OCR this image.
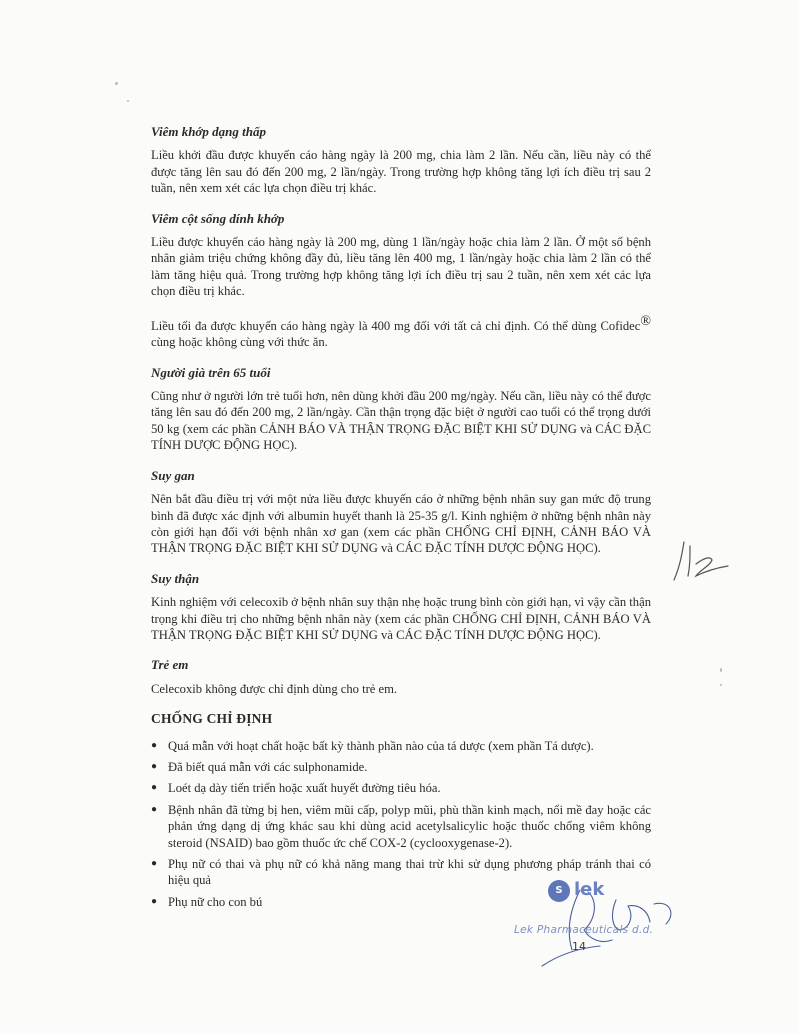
Viêm khớp dạng thấp

Liều khởi đầu được khuyến cáo hàng ngày là 200 mg, chia làm 2 lần. Nếu cần, liều này có thể được tăng lên sau đó đến 200 mg, 2 lần/ngày. Trong trường hợp không tăng lợi ích điều trị sau 2 tuần, nên xem xét các lựa chọn điều trị khác.

Viêm cột sống dính khớp

Liều được khuyến cáo hàng ngày là 200 mg, dùng 1 lần/ngày hoặc chia làm 2 lần. Ở một số bệnh nhân giảm triệu chứng không đầy đủ, liều tăng lên 400 mg, 1 lần/ngày hoặc chia làm 2 lần có thể làm tăng hiệu quả. Trong trường hợp không tăng lợi ích điều trị sau 2 tuần, nên xem xét các lựa chọn điều trị khác.

Liều tối đa được khuyến cáo hàng ngày là 400 mg đối với tất cả chỉ định. Có thể dùng Cofidec® cùng hoặc không cùng với thức ăn.

Người già trên 65 tuổi

Cũng như ở người lớn trẻ tuổi hơn, nên dùng khởi đầu 200 mg/ngày. Nếu cần, liều này có thể được tăng lên sau đó đến 200 mg, 2 lần/ngày. Cần thận trọng đặc biệt ở người cao tuổi có thể trọng dưới 50 kg (xem các phần CẢNH BÁO VÀ THẬN TRỌNG ĐẶC BIỆT KHI SỬ DỤNG và CÁC ĐẶC TÍNH DƯỢC ĐỘNG HỌC).

Suy gan

Nên bắt đầu điều trị với một nửa liều được khuyến cáo ở những bệnh nhân suy gan mức độ trung bình đã được xác định với albumin huyết thanh là 25-35 g/l. Kinh nghiệm ở những bệnh nhân này còn giới hạn đối với bệnh nhân xơ gan (xem các phần CHỐNG CHỈ ĐỊNH, CẢNH BÁO VÀ THẬN TRỌNG ĐẶC BIỆT KHI SỬ DỤNG và CÁC ĐẶC TÍNH DƯỢC ĐỘNG HỌC).

Suy thận

Kinh nghiệm với celecoxib ở bệnh nhân suy thận nhẹ hoặc trung bình còn giới hạn, vì vậy cần thận trọng khi điều trị cho những bệnh nhân này (xem các phần CHỐNG CHỈ ĐỊNH, CẢNH BÁO VÀ THẬN TRỌNG ĐẶC BIỆT KHI SỬ DỤNG và CÁC ĐẶC TÍNH DƯỢC ĐỘNG HỌC).

Trẻ em

Celecoxib không được chỉ định dùng cho trẻ em.

CHỐNG CHỈ ĐỊNH

● Quá mẫn với hoạt chất hoặc bất kỳ thành phần nào của tá dược (xem phần Tá dược).
● Đã biết quá mẫn với các sulphonamide.
● Loét dạ dày tiến triển hoặc xuất huyết đường tiêu hóa.
● Bệnh nhân đã từng bị hen, viêm mũi cấp, polyp mũi, phù thần kinh mạch, nổi mề đay hoặc các phản ứng dạng dị ứng khác sau khi dùng acid acetylsalicylic hoặc thuốc chống viêm không steroid (NSAID) bao gồm thuốc ức chế COX-2 (cyclooxygenase-2).
● Phụ nữ có thai và phụ nữ có khả năng mang thai trừ khi sử dụng phương pháp tránh thai có hiệu quả
● Phụ nữ cho con bú
S lek
Lek Pharmaceuticals d.d.
14
